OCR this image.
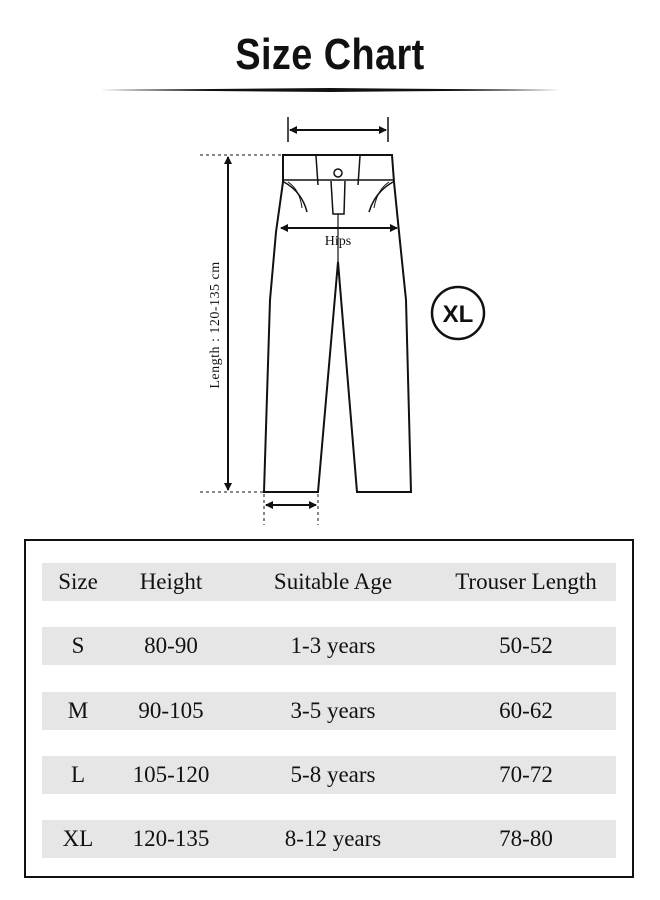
Size Chart
Length : 120-135 cm
Hips
XL
Size	Height	Suitable Age	Trouser Length
S	80-90	1-3 years	50-52
M	90-105	3-5 years	60-62
L	105-120	5-8 years	70-72
XL	120-135	8-12 years	78-80
